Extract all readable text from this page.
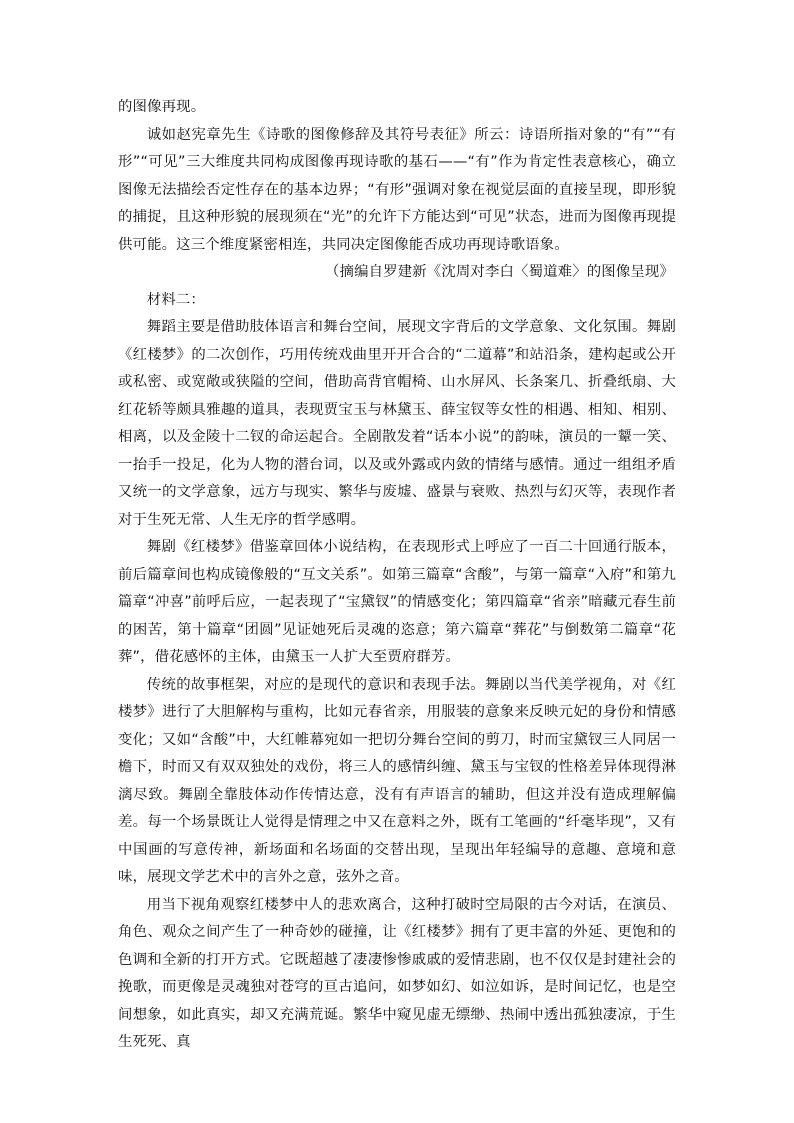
的图像再现。

诚如赵宪章先生《诗歌的图像修辞及其符号表征》所云：诗语所指对象的“有”“有形”“可见”三大维度共同构成图像再现诗歌的基石——“有”作为肯定性表意核心，确立图像无法描绘否定性存在的基本边界；“有形”强调对象在视觉层面的直接呈现，即形貌的捕捉，且这种形貌的展现须在“光”的允许下方能达到“可见”状态，进而为图像再现提供可能。这三个维度紧密相连，共同决定图像能否成功再现诗歌语象。

（摘编自罗建新《沈周对李白〈蜀道难〉的图像呈现》

材料二：

舞蹈主要是借助肢体语言和舞台空间，展现文字背后的文学意象、文化氛围。舞剧《红楼梦》的二次创作，巧用传统戏曲里开开合合的“二道幕”和站沿条，建构起或公开或私密、或宽敞或狭隘的空间，借助高背官帽椅、山水屏风、长条案几、折叠纸扇、大红花轿等颇具雅趣的道具，表现贾宝玉与林黛玉、薛宝钗等女性的相遇、相知、相别、相离，以及金陵十二钗的命运起合。全剧散发着“话本小说”的韵味，演员的一颦一笑、一抬手一投足，化为人物的潜台词，以及或外露或内敛的情绪与感情。通过一组组矛盾又统一的文学意象，远方与现实、繁华与废墟、盛景与衰败、热烈与幻灭等，表现作者对于生死无常、人生无序的哲学感喟。

舞剧《红楼梦》借鉴章回体小说结构，在表现形式上呼应了一百二十回通行版本，前后篇章间也构成镜像般的“互文关系”。如第三篇章“含酸”，与第一篇章“入府”和第九篇章“冲喜”前呼后应，一起表现了“宝黛钗”的情感变化；第四篇章“省亲”暗藏元春生前的困苦，第十篇章“团圆”见证她死后灵魂的恣意；第六篇章“葬花”与倒数第二篇章“花葬”，借花感怀的主体，由黛玉一人扩大至贾府群芳。

传统的故事框架，对应的是现代的意识和表现手法。舞剧以当代美学视角，对《红楼梦》进行了大胆解构与重构，比如元春省亲，用服装的意象来反映元妃的身份和情感变化；又如“含酸”中，大红帷幕宛如一把切分舞台空间的剪刀，时而宝黛钗三人同居一檐下，时而又有双双独处的戏份，将三人的感情纠缠、黛玉与宝钗的性格差异体现得淋漓尽致。舞剧全靠肢体动作传情达意，没有有声语言的辅助，但这并没有造成理解偏差。每一个场景既让人觉得是情理之中又在意料之外，既有工笔画的“纤毫毕现”，又有中国画的写意传神，新场面和名场面的交替出现，呈现出年轻编导的意趣、意境和意味，展现文学艺术中的言外之意，弦外之音。

用当下视角观察红楼梦中人的悲欢离合，这种打破时空局限的古今对话，在演员、角色、观众之间产生了一种奇妙的碰撞，让《红楼梦》拥有了更丰富的外延、更饱和的色调和全新的打开方式。它既超越了凄凄惨惨戚戚的爱情悲剧，也不仅仅是封建社会的挽歌，而更像是灵魂独对苍穹的亘古追问，如梦如幻、如泣如诉，是时间记忆，也是空间想象，如此真实，却又充满荒诞。繁华中窥见虚无缥缈、热闹中透出孤独凄凉，于生生死死、真
